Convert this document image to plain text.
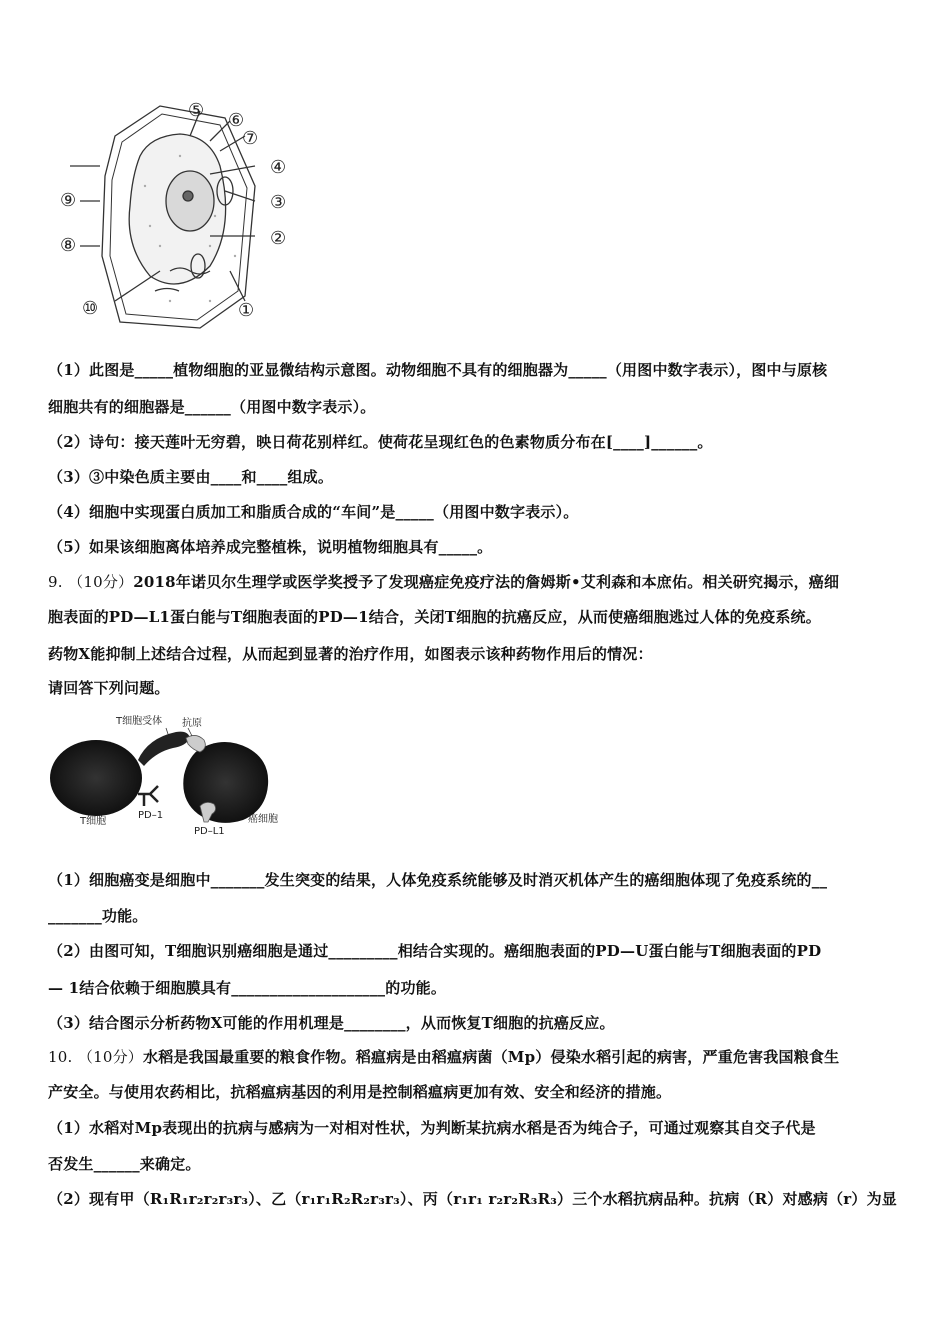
⑤ ⑥
⑦
④
③
⑨
⑧	②
⑩	①
（1）此图是_____植物细胞的亚显微结构示意图。动物细胞不具有的细胞器为_____（用图中数字表示），图中与原核
细胞共有的细胞器是______（用图中数字表示）。
（2）诗句：接天莲叶无穷碧，映日荷花别样红。使荷花呈现红色的色素物质分布在[____]______。
（3）③中染色质主要由____和____组成。
（4）细胞中实现蛋白质加工和脂质合成的“车间”是_____（用图中数字表示）。
（5）如果该细胞离体培养成完整植株，说明植物细胞具有_____。
9. （10分）2018年诺贝尔生理学或医学奖授予了发现癌症免疫疗法的詹姆斯•艾利森和本庶佑。相关研究揭示，癌细
胞表面的PD—L1蛋白能与T细胞表面的PD—1结合，关闭T细胞的抗癌反应，从而使癌细胞逃过人体的免疫系统。
药物X能抑制上述结合过程，从而起到显著的治疗作用，如图表示该种药物作用后的情况：
请回答下列问题。
T细胞受体 抗原
PD–1
T细胞
PD–L1
癌细胞
（1）细胞癌变是细胞中_______发生突变的结果，人体免疫系统能够及时消灭机体产生的癌细胞体现了免疫系统的__
_______功能。
（2）由图可知，T细胞识别癌细胞是通过_________相结合实现的。癌细胞表面的PD—U蛋白能与T细胞表面的PD
— 1结合依赖于细胞膜具有____________________的功能。
（3）结合图示分析药物X可能的作用机理是________，从而恢复T细胞的抗癌反应。
10. （10分）水稻是我国最重要的粮食作物。稻瘟病是由稻瘟病菌（Mp）侵染水稻引起的病害，严重危害我国粮食生
产安全。与使用农药相比，抗稻瘟病基因的利用是控制稻瘟病更加有效、安全和经济的措施。
（1）水稻对Mp表现出的抗病与感病为一对相对性状，为判断某抗病水稻是否为纯合子，可通过观察其自交子代是
否发生______来确定。
（2）现有甲（R₁R₁r₂r₂r₃r₃）、乙（r₁r₁R₂R₂r₃r₃）、丙（r₁r₁ r₂r₂R₃R₃）三个水稻抗病品种。抗病（R）对感病（r）为显
